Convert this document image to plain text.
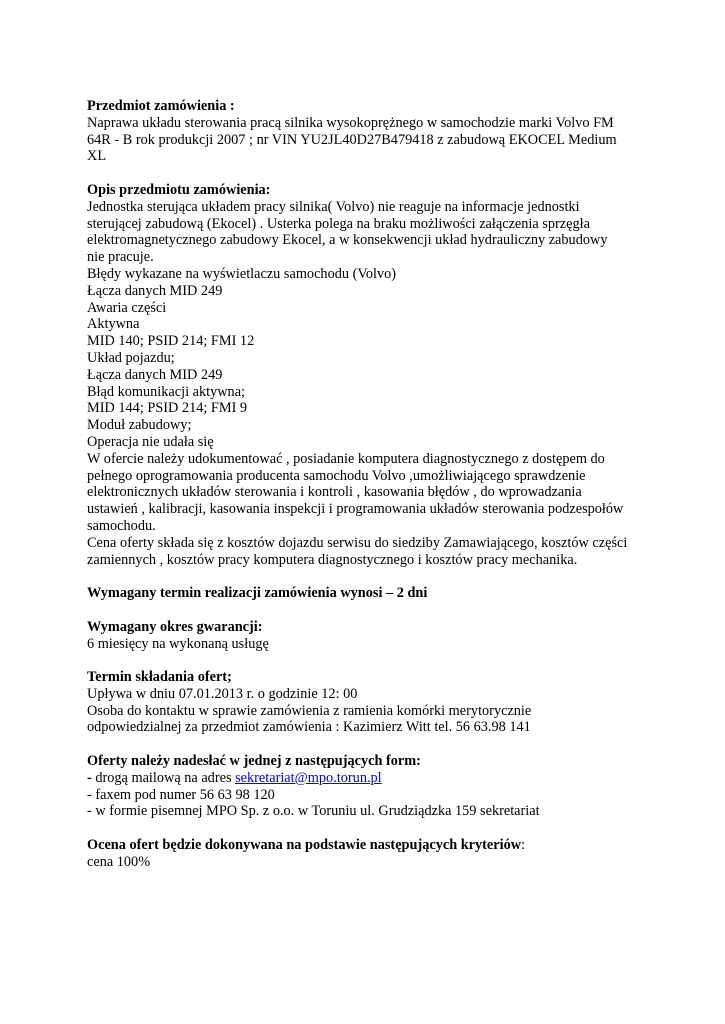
Przedmiot zamówienia :
Naprawa układu sterowania pracą silnika wysokoprężnego w samochodzie marki Volvo FM
64R - B rok produkcji 2007 ; nr VIN YU2JL40D27B479418 z zabudową EKOCEL Medium
XL
Opis przedmiotu zamówienia:
Jednostka sterująca układem pracy silnika( Volvo) nie reaguje na informacje jednostki
sterującej zabudową (Ekocel) . Usterka polega na braku możliwości załączenia sprzęgła
elektromagnetycznego zabudowy Ekocel, a w konsekwencji układ hydrauliczny zabudowy
nie pracuje.
Błędy wykazane na wyświetlaczu samochodu (Volvo)
Łącza danych MID 249
Awaria części
Aktywna
MID 140; PSID 214; FMI 12
Układ pojazdu;
Łącza danych MID 249
Błąd komunikacji aktywna;
MID 144; PSID 214; FMI 9
Moduł zabudowy;
Operacja nie udała się
W ofercie należy udokumentować , posiadanie komputera diagnostycznego z dostępem do
pełnego oprogramowania producenta samochodu Volvo ,umożliwiającego sprawdzenie
elektronicznych układów sterowania i kontroli , kasowania błędów , do wprowadzania
ustawień , kalibracji, kasowania inspekcji i programowania układów sterowania podzespołów
samochodu.
Cena oferty składa się z kosztów dojazdu serwisu do siedziby Zamawiającego, kosztów części
zamiennych , kosztów pracy komputera diagnostycznego i kosztów pracy mechanika.
Wymagany termin realizacji zamówienia wynosi – 2 dni
Wymagany okres gwarancji:
6 miesięcy na wykonaną usługę
Termin składania ofert;
Upływa w dniu 07.01.2013 r. o godzinie 12: 00
Osoba do kontaktu w sprawie zamówienia z ramienia komórki merytorycznie
odpowiedzialnej za przedmiot zamówienia : Kazimierz Witt tel. 56 63.98 141
Oferty należy nadesłać w jednej z następujących form:
- drogą mailową na adres sekretariat@mpo.torun.pl
- faxem pod numer 56 63 98 120
- w formie pisemnej MPO Sp. z o.o. w Toruniu ul. Grudziądzka 159 sekretariat
Ocena ofert będzie dokonywana na podstawie następujących kryteriów:
cena 100%
